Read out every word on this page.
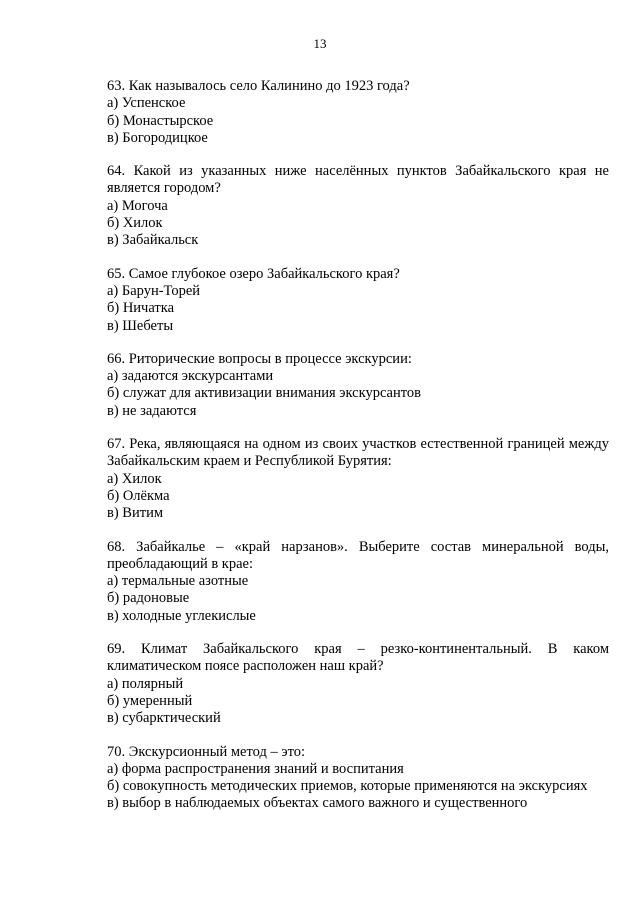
13

63. Как называлось село Калинино до 1923 года?

а) Успенское

б) Монастырское

в) Богородицкое

64. Какой из указанных ниже населённых пунктов Забайкальского края не является городом?

а) Могоча

б) Хилок

в) Забайкальск

65. Самое глубокое озеро Забайкальского края?

а) Барун-Торей

б) Ничатка

в) Шебеты

66. Риторические вопросы в процессе экскурсии:

а) задаются экскурсантами

б) служат для активизации внимания экскурсантов

в) не задаются

67. Река, являющаяся на одном из своих участков естественной границей между Забайкальским краем и Республикой Бурятия:

а) Хилок

б) Олёкма

в) Витим

68. Забайкалье – «край нарзанов». Выберите состав минеральной воды, преобладающий в крае:

а) термальные азотные

б) радоновые

в) холодные углекислые

69. Климат Забайкальского края – резко-континентальный. В каком климатическом поясе расположен наш край?

а) полярный

б) умеренный

в) субарктический

70. Экскурсионный метод – это:

а) форма распространения знаний и воспитания

б) совокупность методических приемов, которые применяются на экскурсиях

в) выбор в наблюдаемых объектах самого важного и существенного
